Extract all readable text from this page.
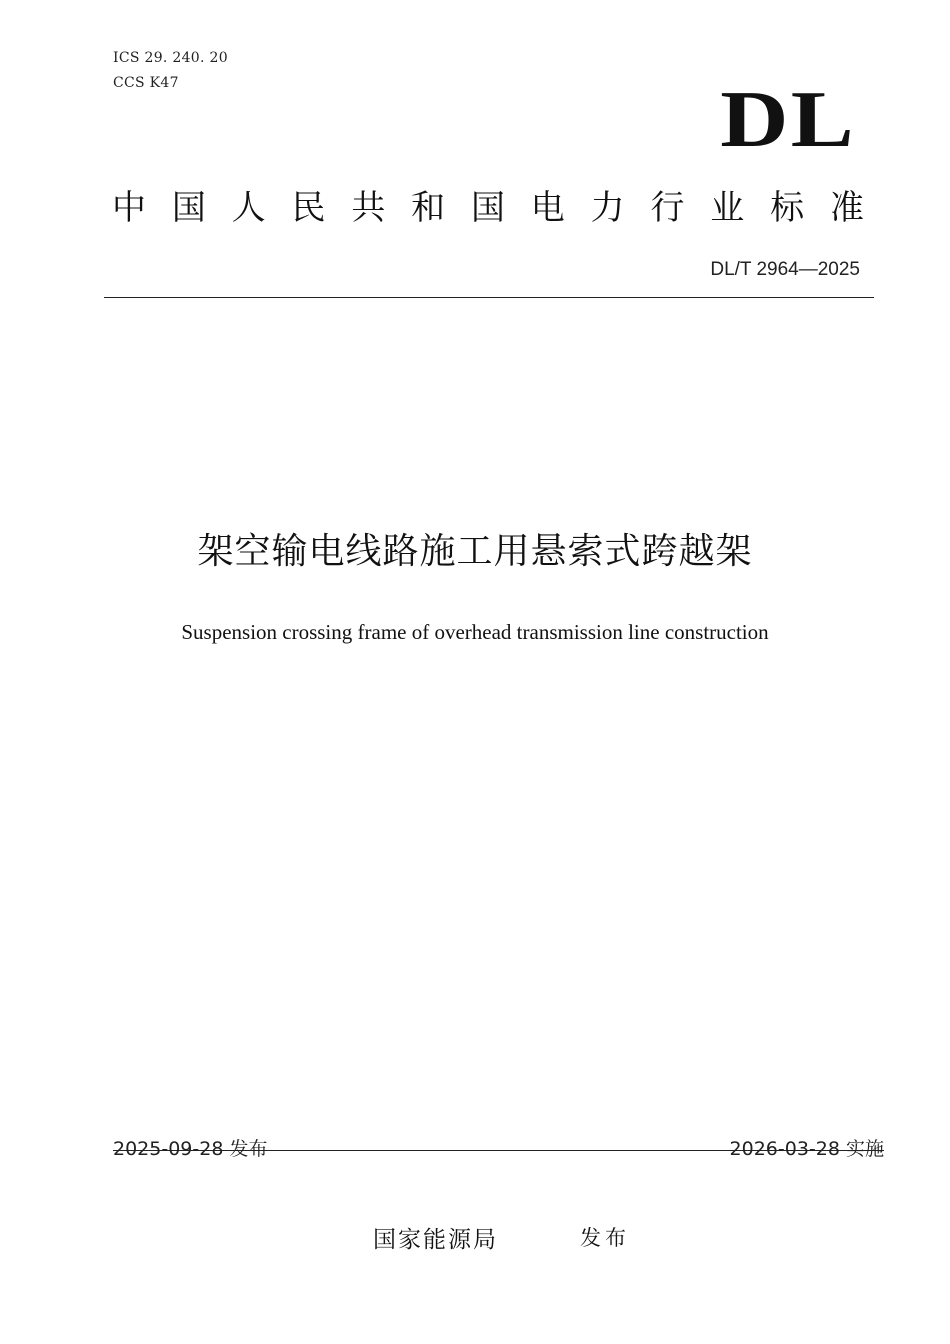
ICS 29. 240. 20
CCS K47	DL
中 国 人 民 共 和 国 电 力 行 业 标 准
DL/T 2964—2025
架空输电线路施工用悬索式跨越架
Suspension crossing frame of overhead transmission line construction
2025-09-28 发布	2026-03-28 实施
国家能源局	发布
